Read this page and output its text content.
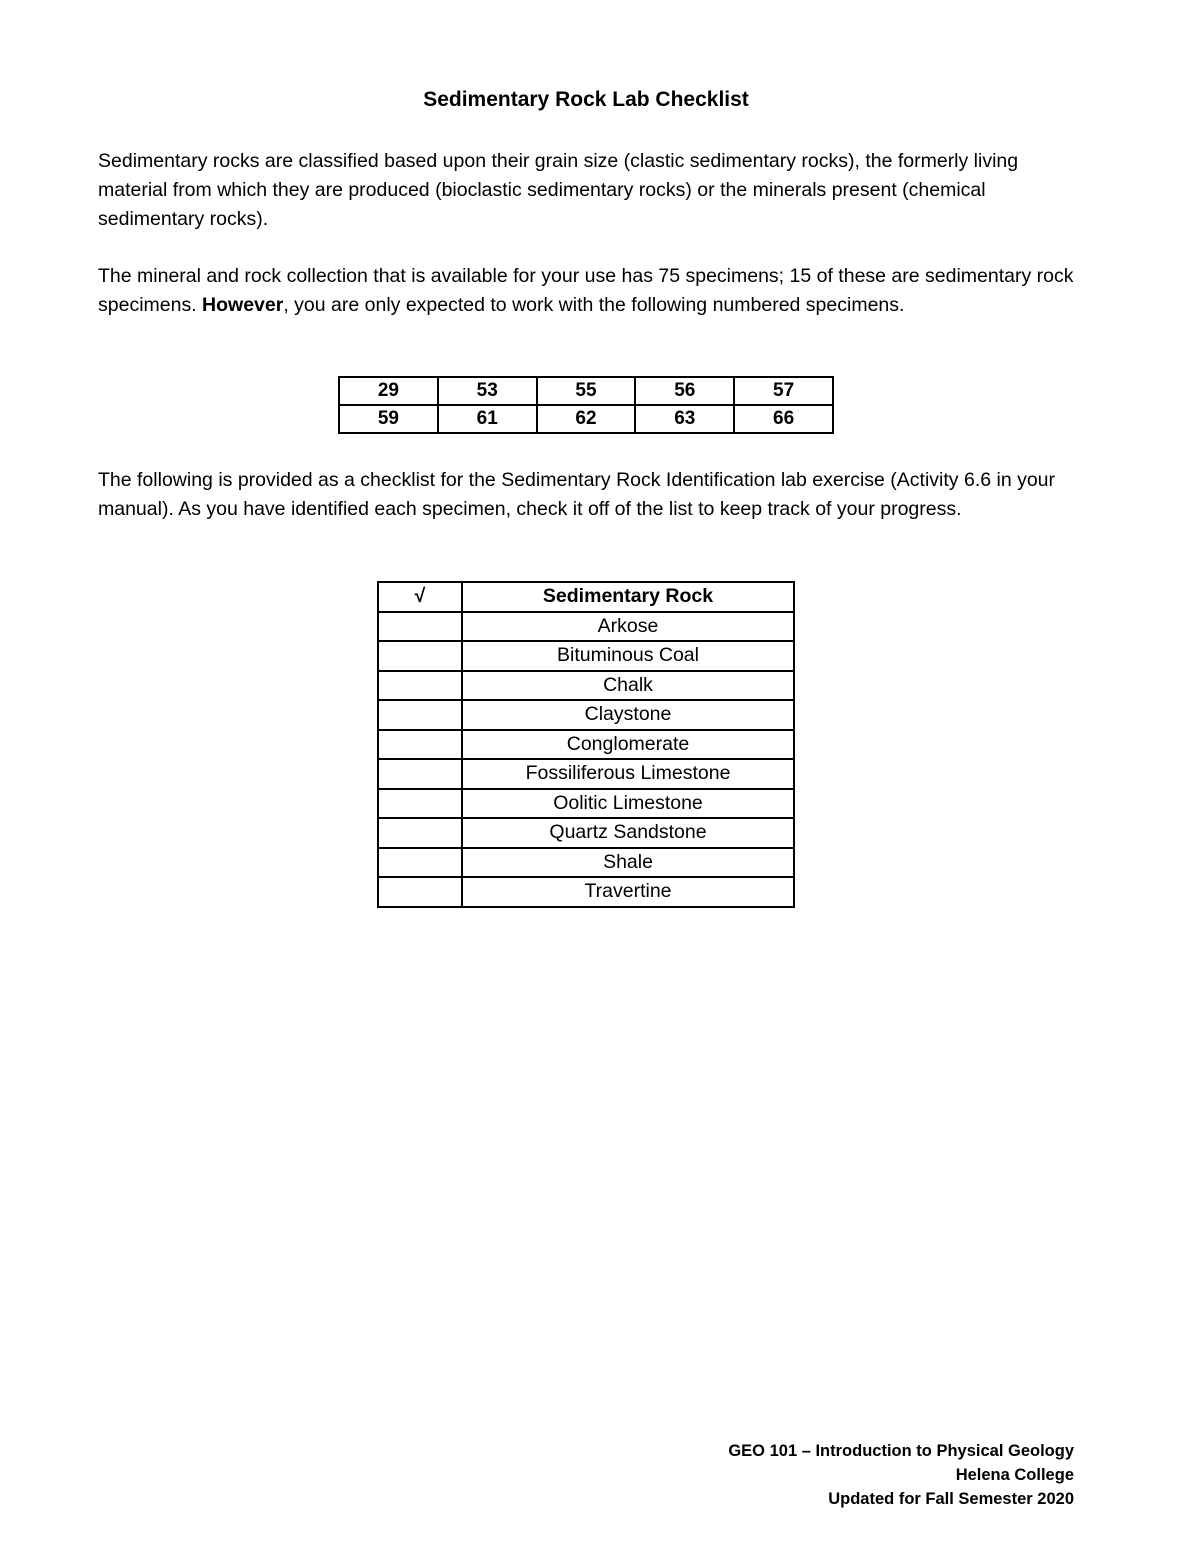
Sedimentary Rock Lab Checklist
Sedimentary rocks are classified based upon their grain size (clastic sedimentary rocks), the formerly living material from which they are produced (bioclastic sedimentary rocks) or the minerals present (chemical sedimentary rocks).
The mineral and rock collection that is available for your use has 75 specimens; 15 of these are sedimentary rock specimens. However, you are only expected to work with the following numbered specimens.
29	53	55	56	57
59	61	62	63	66
The following is provided as a checklist for the Sedimentary Rock Identification lab exercise (Activity 6.6 in your manual). As you have identified each specimen, check it off of the list to keep track of your progress.
√	Sedimentary Rock
	Arkose
	Bituminous Coal
	Chalk
	Claystone
	Conglomerate
	Fossiliferous Limestone
	Oolitic Limestone
	Quartz Sandstone
	Shale
	Travertine
GEO 101 – Introduction to Physical Geology
Helena College
Updated for Fall Semester 2020
